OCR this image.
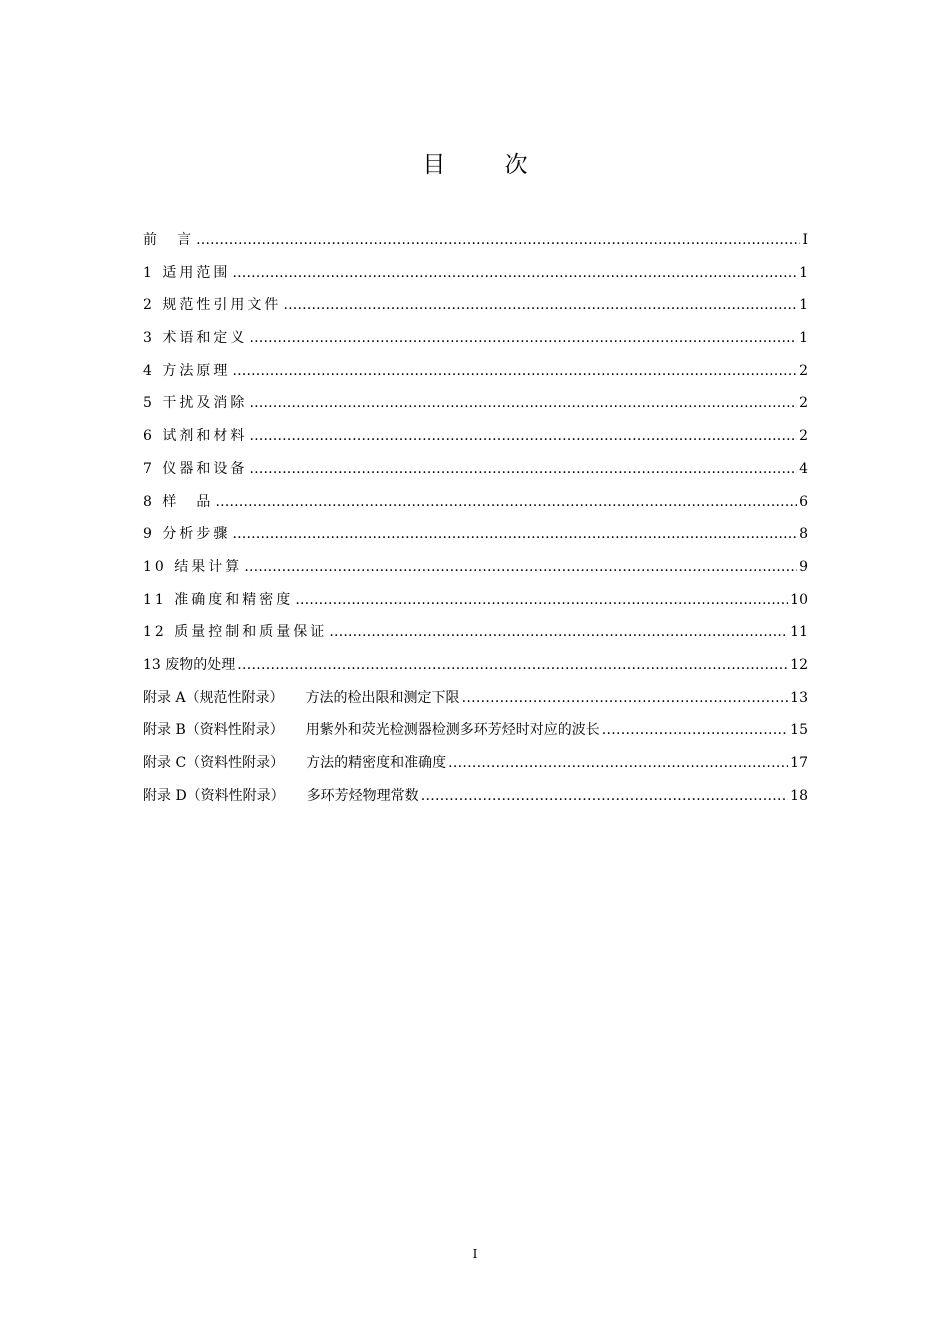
目 次
前　言 ………………………………………………………………………………………………………………………………………………………………………………………………………………………………………………	I
1 适用范围 ………………………………………………………………………………………………………………………………………………………………………………………………………………………………………………	1
2 规范性引用文件 ………………………………………………………………………………………………………………………………………………………………………………………………………………………………………………	1
3 术语和定义 ………………………………………………………………………………………………………………………………………………………………………………………………………………………………………………	1
4 方法原理 ………………………………………………………………………………………………………………………………………………………………………………………………………………………………………………	2
5 干扰及消除 ………………………………………………………………………………………………………………………………………………………………………………………………………………………………………………	2
6 试剂和材料 ………………………………………………………………………………………………………………………………………………………………………………………………………………………………………………	2
7 仪器和设备 ………………………………………………………………………………………………………………………………………………………………………………………………………………………………………………	4
8 样　品 ………………………………………………………………………………………………………………………………………………………………………………………………………………………………………………	6
9 分析步骤 ………………………………………………………………………………………………………………………………………………………………………………………………………………………………………………	8
10 结果计算 ………………………………………………………………………………………………………………………………………………………………………………………………………………………………………………	9
11 准确度和精密度 ………………………………………………………………………………………………………………………………………………………………………………………………………………………………………………	10
12 质量控制和质量保证 ………………………………………………………………………………………………………………………………………………………………………………………………………………………………………………	11
13 废物的处理 .....	12
附录 A（规范性附录） 方法的检出限和测定下限 .....	13
附录 B（资料性附录） 用紫外和荧光检测器检测多环芳烃时对应的波长 .....	15
附录 C（资料性附录） 方法的精密度和准确度 .....	17
附录 D（资料性附录） 多环芳烃物理常数 .....	18
I
